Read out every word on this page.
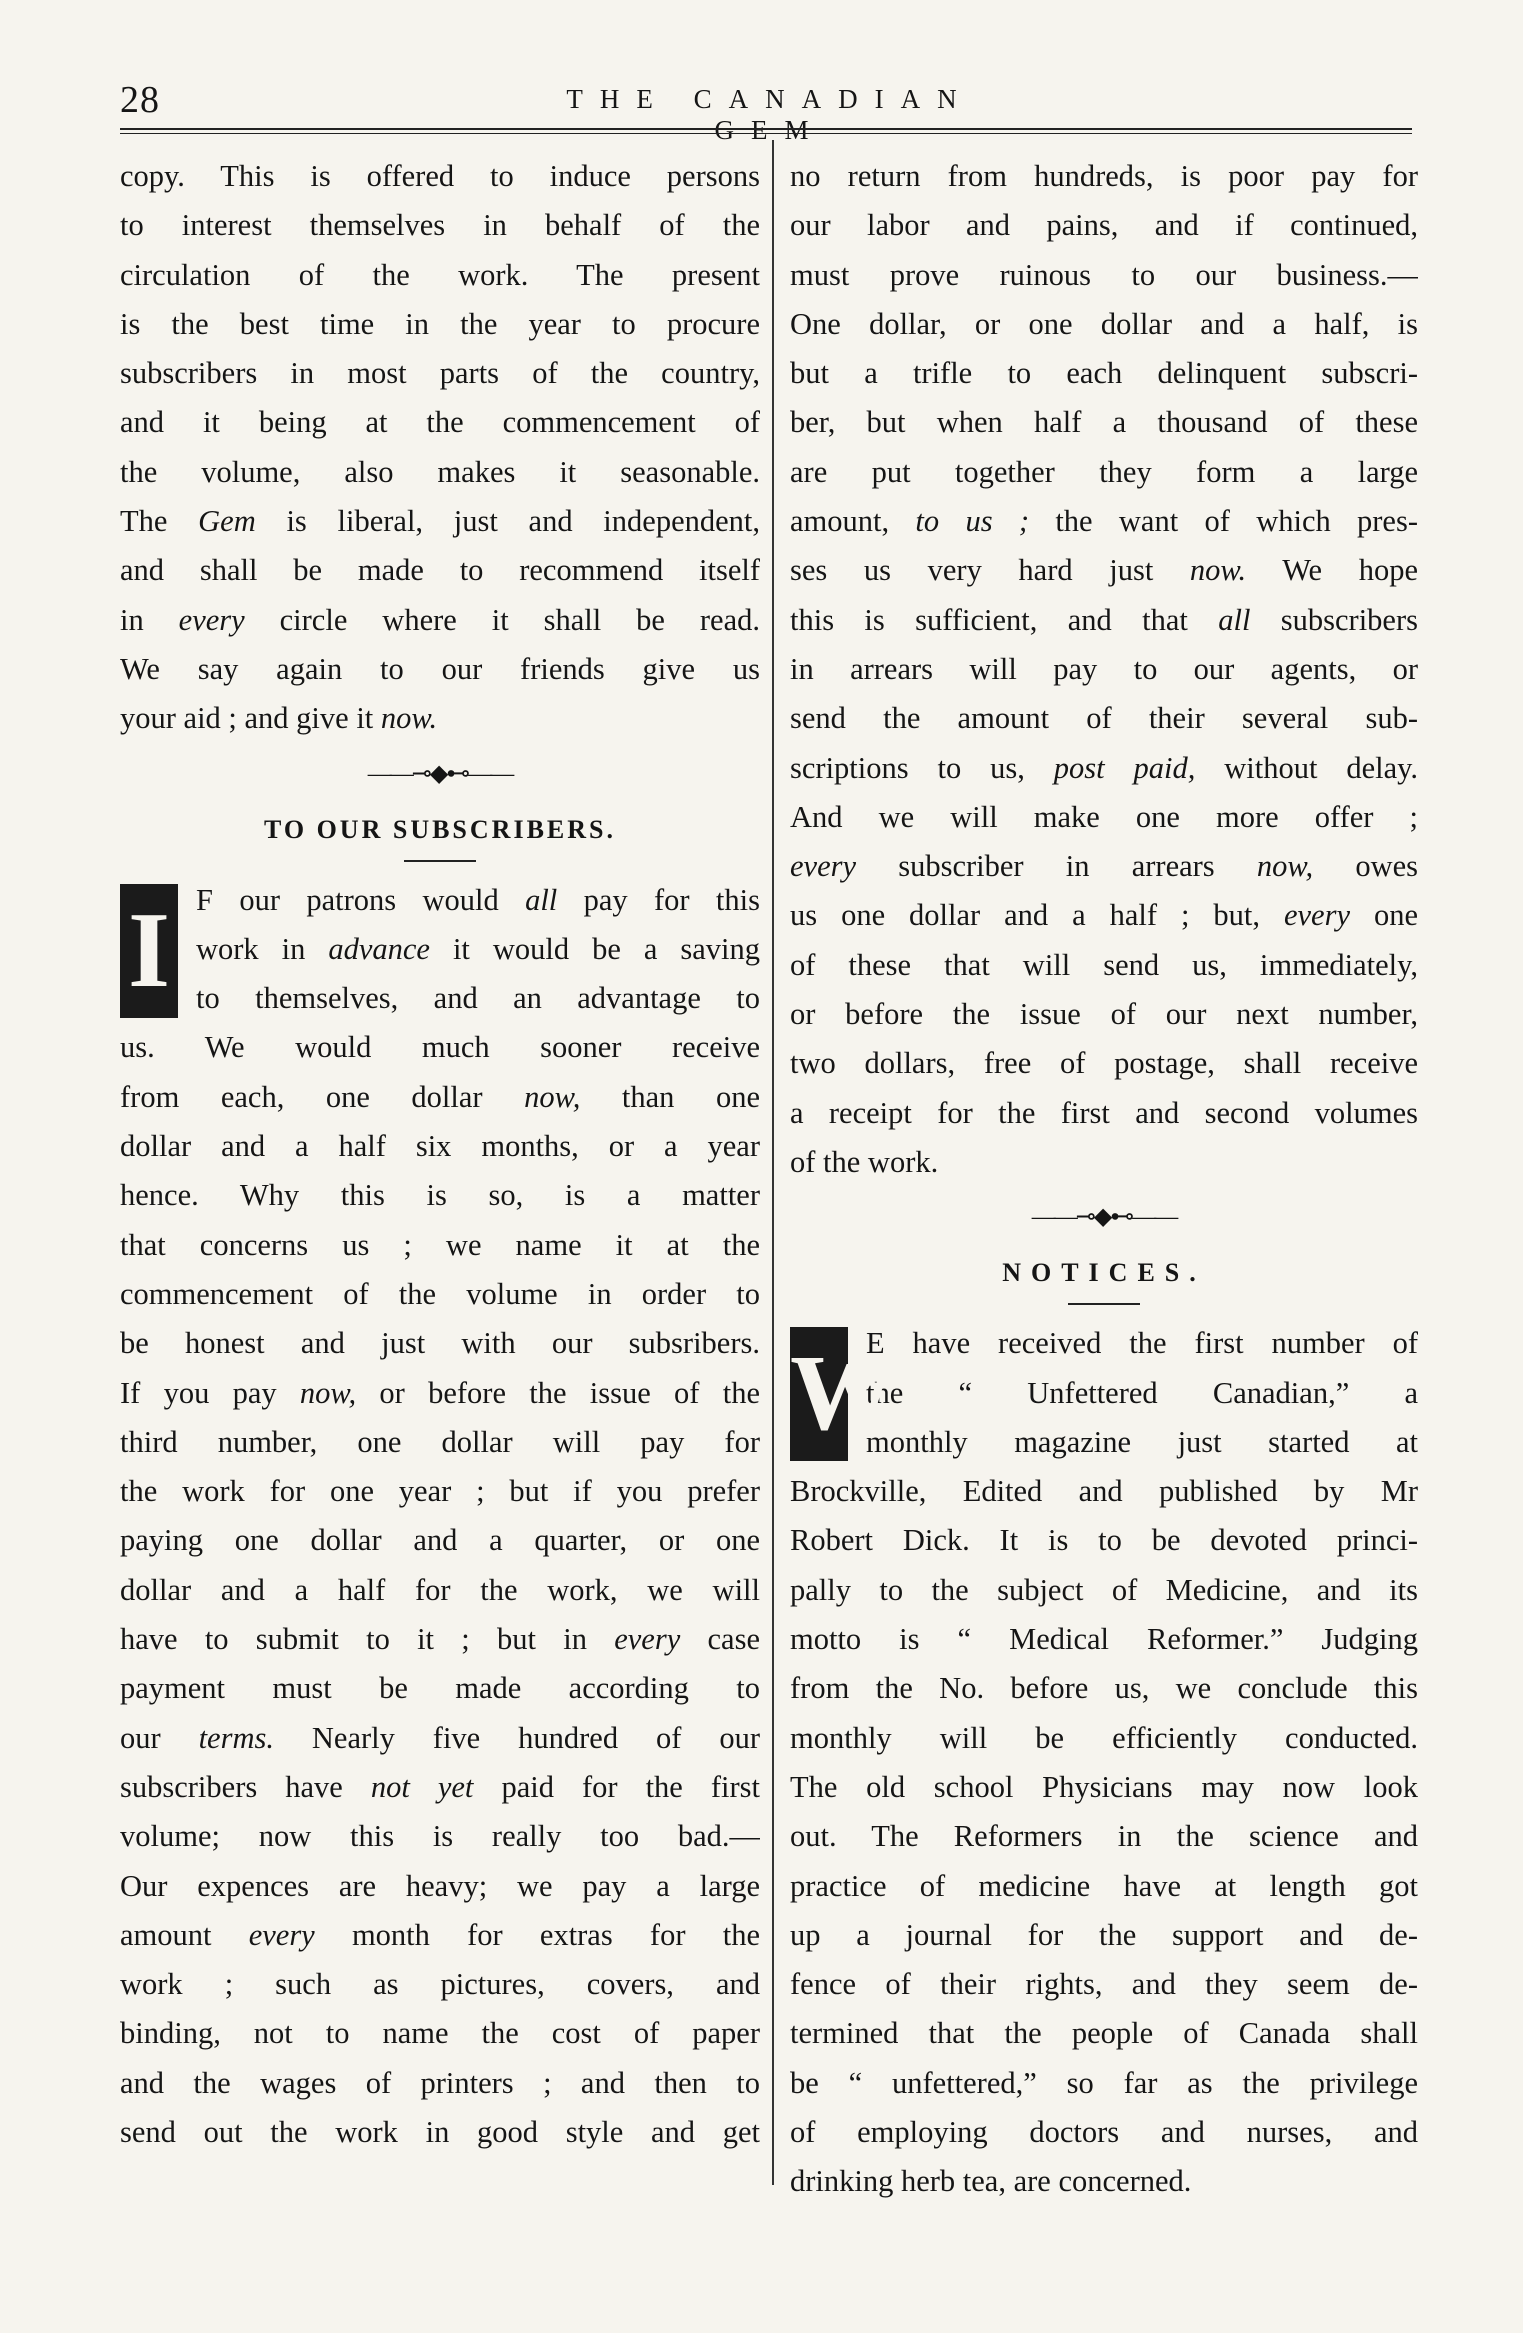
28	THE CANADIAN GEM
copy. This is offered to induce persons
to interest themselves in behalf of the
circulation of the work. The present
is the best time in the year to procure
subscribers in most parts of the country,
and it being at the commencement of
the volume, also makes it seasonable.
The Gem is liberal, just and independent,
and shall be made to recommend itself
in every circle where it shall be read.
We say again to our friends give us
your aid ; and give it now.
——⊸◆⊷——
TO OUR SUBSCRIBERS.
I F our patrons would all pay for this
work in advance it would be a saving
to themselves, and an advantage to
us. We would much sooner receive
from each, one dollar now, than one
dollar and a half six months, or a year
hence. Why this is so, is a matter
that concerns us ; we name it at the
commencement of the volume in order to
be honest and just with our subsribers.
If you pay now, or before the issue of the
third number, one dollar will pay for
the work for one year ; but if you prefer
paying one dollar and a quarter, or one
dollar and a half for the work, we will
have to submit to it ; but in every case
payment must be made according to
our terms. Nearly five hundred of our
subscribers have not yet paid for the first
volume; now this is really too bad.—
Our expences are heavy; we pay a large
amount every month for extras for the
work ; such as pictures, covers, and
binding, not to name the cost of paper
and the wages of printers ; and then to
send out the work in good style and get
no return from hundreds, is poor pay for
our labor and pains, and if continued,
must prove ruinous to our business.—
One dollar, or one dollar and a half, is
but a trifle to each delinquent subscri-
ber, but when half a thousand of these
are put together they form a large
amount, to us ; the want of which pres-
ses us very hard just now. We hope
this is sufficient, and that all subscribers
in arrears will pay to our agents, or
send the amount of their several sub-
scriptions to us, post paid, without delay.
And we will make one more offer ;
every subscriber in arrears now, owes
us one dollar and a half ; but, every one
of these that will send us, immediately,
or before the issue of our next number,
two dollars, free of postage, shall receive
a receipt for the first and second volumes
of the work.
——⊸◆⊷——
NOTICES.
W
E have received the first number of
the “ Unfettered Canadian,” a
monthly magazine just started at
Brockville, Edited and published by Mr
Robert Dick. It is to be devoted princi-
pally to the subject of Medicine, and its
motto is “ Medical Reformer.” Judging
from the No. before us, we conclude this
monthly will be efficiently conducted.
The old school Physicians may now look
out. The Reformers in the science and
practice of medicine have at length got
up a journal for the support and de-
fence of their rights, and they seem de-
termined that the people of Canada shall
be “ unfettered,” so far as the privilege
of employing doctors and nurses, and
drinking herb tea, are concerned.
